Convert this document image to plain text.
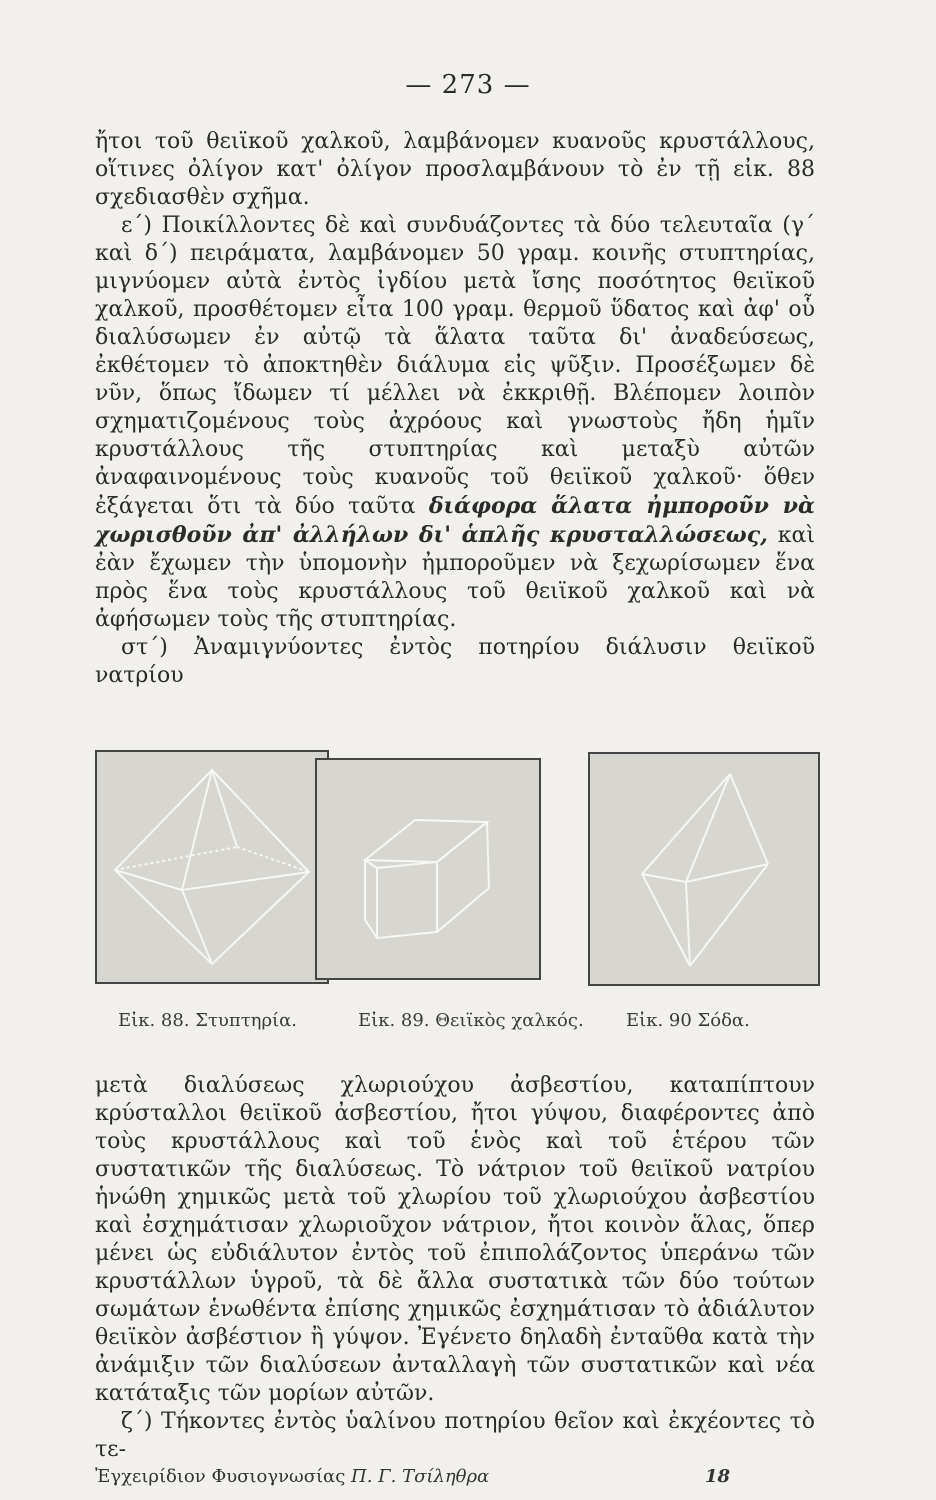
— 273 —

ἤτοι τοῦ θειϊκοῦ χαλκοῦ, λαμβάνομεν κυανοῦς κρυστάλλους, οἵτινες ὀλίγον κατ' ὀλίγον προσλαμβάνουν τὸ ἐν τῇ εἰκ. 88 σχεδιασθὲν σχῆμα.

ε΄) Ποικίλλοντες δὲ καὶ συνδυάζοντες τὰ δύο τελευταῖα (γ΄ καὶ δ΄) πειράματα, λαμβάνομεν 50 γραμ. κοινῆς στυπτηρίας, μιγνύομεν αὐτὰ ἐντὸς ἰγδίου μετὰ ἴσης ποσότητος θειϊκοῦ χαλκοῦ, προσθέτομεν εἶτα 100 γραμ. θερμοῦ ὕδατος καὶ ἀφ' οὗ διαλύσωμεν ἐν αὐτῷ τὰ ἅλατα ταῦτα δι' ἀναδεύσεως, ἐκθέτομεν τὸ ἀποκτηθὲν διάλυμα εἰς ψῦξιν. Προσέξωμεν δὲ νῦν, ὅπως ἴδωμεν τί μέλλει νὰ ἐκκριθῇ. Βλέπομεν λοιπὸν σχηματιζομένους τοὺς ἀχρόους καὶ γνωστοὺς ἤδη ἡμῖν κρυστάλλους τῆς στυπτηρίας καὶ μεταξὺ αὐτῶν ἀναφαινομένους τοὺς κυανοῦς τοῦ θειϊκοῦ χαλκοῦ· ὅθεν ἐξάγεται ὅτι τὰ δύο ταῦτα διάφορα ἅλατα ἠμποροῦν νὰ χωρισθοῦν ἀπ' ἀλλήλων δι' ἁπλῆς κρυσταλλώσεως, καὶ ἐὰν ἔχωμεν τὴν ὑπομονὴν ἠμποροῦμεν νὰ ξεχωρίσωμεν ἕνα πρὸς ἕνα τοὺς κρυστάλλους τοῦ θειϊκοῦ χαλκοῦ καὶ νὰ ἀφήσωμεν τοὺς τῆς στυπτηρίας.

στ΄) Ἀναμιγνύοντες ἐντὸς ποτηρίου διάλυσιν θειϊκοῦ νατρίου

Εἰκ. 88. Στυπτηρία.	Εἰκ. 89. Θειϊκὸς χαλκός. Εἰκ. 90 Σόδα.

μετὰ διαλύσεως χλωριούχου ἀσβεστίου, καταπίπτουν κρύσταλλοι θειϊκοῦ ἀσβεστίου, ἤτοι γύψου, διαφέροντες ἀπὸ τοὺς κρυστάλλους καὶ τοῦ ἑνὸς καὶ τοῦ ἑτέρου τῶν συστατικῶν τῆς διαλύσεως. Τὸ νάτριον τοῦ θειϊκοῦ νατρίου ἡνώθη χημικῶς μετὰ τοῦ χλωρίου τοῦ χλωριούχου ἀσβεστίου καὶ ἐσχημάτισαν χλωριοῦχον νάτριον, ἤτοι κοινὸν ἅλας, ὅπερ μένει ὡς εὐδιάλυτον ἐντὸς τοῦ ἐπιπολάζοντος ὑπεράνω τῶν κρυστάλλων ὑγροῦ, τὰ δὲ ἄλλα συστατικὰ τῶν δύο τούτων σωμάτων ἑνωθέντα ἐπίσης χημικῶς ἐσχημάτισαν τὸ ἀδιάλυτον θειϊκὸν ἀσβέστιον ἢ γύψον. Ἐγένετο δηλαδὴ ἐνταῦθα κατὰ τὴν ἀνάμιξιν τῶν διαλύσεων ἀνταλλαγὴ τῶν συστατικῶν καὶ νέα κατάταξις τῶν μορίων αὐτῶν.

ζ΄) Τήκοντες ἐντὸς ὑαλίνου ποτηρίου θεῖον καὶ ἐκχέοντες τὸ τε-

Ἐγχειρίδιον Φυσιογνωσίας Π. Γ. Τσίληθρα	18
